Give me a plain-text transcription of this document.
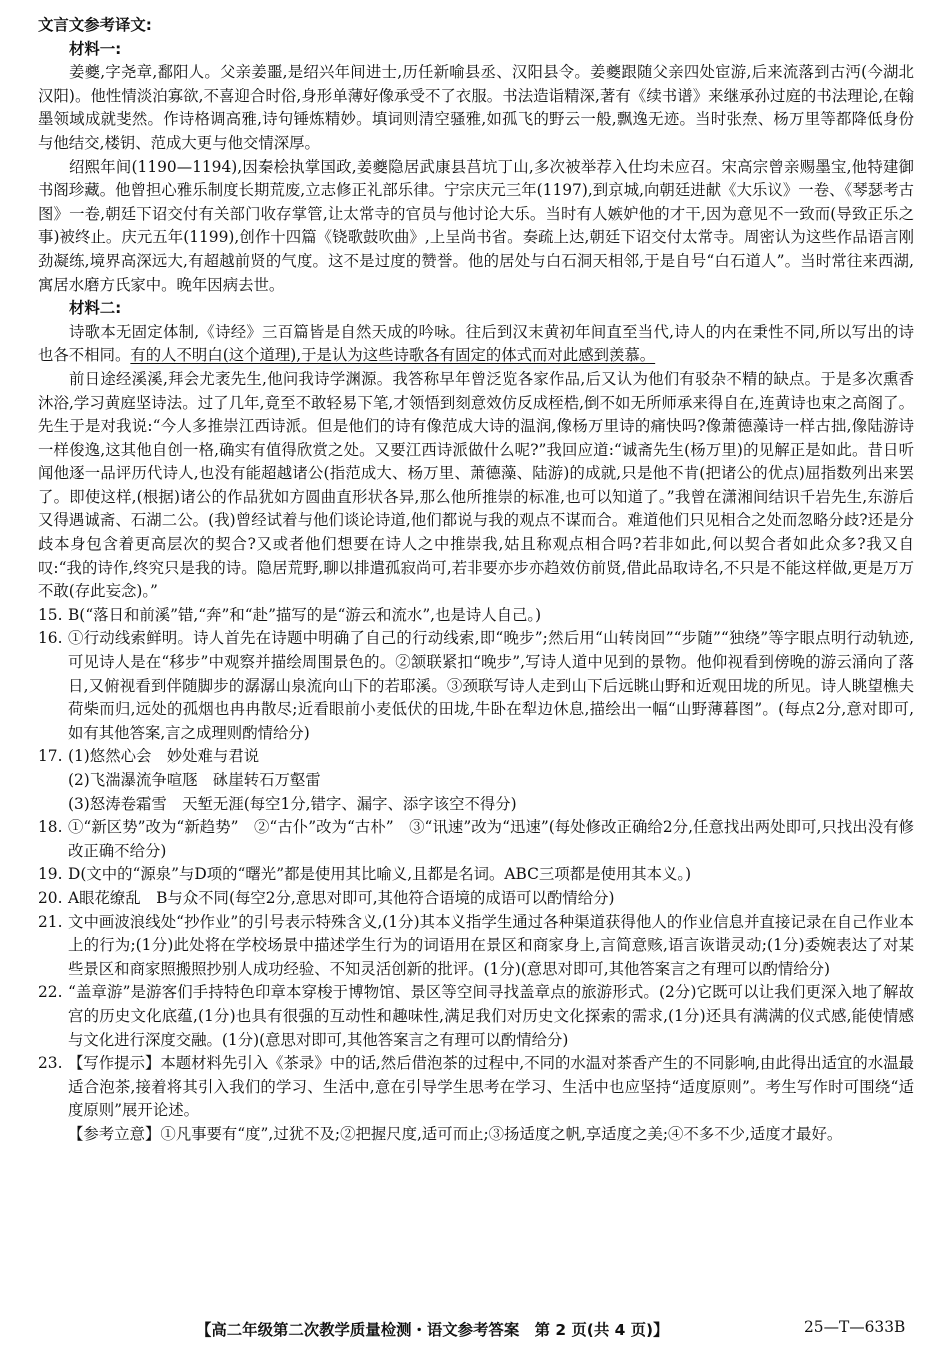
文言文参考译文:

材料一:

姜夔,字尧章,鄱阳人。父亲姜噩,是绍兴年间进士,历任新喻县丞、汉阳县令。姜夔跟随父亲四处宦游,后来流落到古沔(今湖北汉阳)。他性情淡泊寡欲,不喜迎合时俗,身形单薄好像承受不了衣服。书法造诣精深,著有《续书谱》来继承孙过庭的书法理论,在翰墨领域成就斐然。作诗格调高雅,诗句锤炼精妙。填词则清空骚雅,如孤飞的野云一般,飘逸无迹。当时张焘、杨万里等都降低身份与他结交,楼钥、范成大更与他交情深厚。

绍熙年间(1190—1194),因秦桧执掌国政,姜夔隐居武康县莒坑丁山,多次被举荐入仕均未应召。宋高宗曾亲赐墨宝,他特建御书阁珍藏。他曾担心雅乐制度长期荒废,立志修正礼部乐律。宁宗庆元三年(1197),到京城,向朝廷进献《大乐议》一卷、《琴瑟考古图》一卷,朝廷下诏交付有关部门收存掌管,让太常寺的官员与他讨论大乐。当时有人嫉妒他的才干,因为意见不一致而(导致正乐之事)被终止。庆元五年(1199),创作十四篇《铙歌鼓吹曲》,上呈尚书省。奏疏上达,朝廷下诏交付太常寺。周密认为这些作品语言刚劲凝练,境界高深远大,有超越前贤的气度。这不是过度的赞誉。他的居处与白石洞天相邻,于是自号“白石道人”。当时常往来西湖,寓居水磨方氏家中。晚年因病去世。

材料二:

诗歌本无固定体制,《诗经》三百篇皆是自然天成的吟咏。往后到汉末黄初年间直至当代,诗人的内在秉性不同,所以写出的诗也各不相同。有的人不明白(这个道理),于是认为这些诗歌各有固定的体式而对此感到羡慕。

前日途经溪溪,拜会尤袤先生,他问我诗学渊源。我答称早年曾泛览各家作品,后又认为他们有驳杂不精的缺点。于是多次熏香沐浴,学习黄庭坚诗法。过了几年,竟至不敢轻易下笔,才领悟到刻意效仿反成桎梏,倒不如无所师承来得自在,连黄诗也束之高阁了。先生于是对我说:“今人多推崇江西诗派。但是他们的诗有像范成大诗的温润,像杨万里诗的痛快吗?像萧德藻诗一样古拙,像陆游诗一样俊逸,这其他自创一格,确实有值得欣赏之处。又要江西诗派做什么呢?”我回应道:“诚斋先生(杨万里)的见解正是如此。昔日听闻他逐一品评历代诗人,也没有能超越诸公(指范成大、杨万里、萧德藻、陆游)的成就,只是他不肯(把诸公的优点)屈指数列出来罢了。即使这样,(根据)诸公的作品犹如方圆曲直形状各异,那么他所推崇的标准,也可以知道了。”我曾在潇湘间结识千岩先生,东游后又得遇诚斋、石湖二公。(我)曾经试着与他们谈论诗道,他们都说与我的观点不谋而合。难道他们只见相合之处而忽略分歧?还是分歧本身包含着更高层次的契合?又或者他们想要在诗人之中推崇我,姑且称观点相合吗?若非如此,何以契合者如此众多?我又自叹:“我的诗作,终究只是我的诗。隐居荒野,聊以排遣孤寂尚可,若非要亦步亦趋效仿前贤,借此品取诗名,不只是不能这样做,更是万万不敢(存此妄念)。”

15. B(“落日和前溪”错,“奔”和“赴”描写的是“游云和流水”,也是诗人自己。)

16. ①行动线索鲜明。诗人首先在诗题中明确了自己的行动线索,即“晚步”;然后用“山转岗回”“步随”“独绕”等字眼点明行动轨迹,可见诗人是在“移步”中观察并描绘周围景色的。②颔联紧扣“晚步”,写诗人道中见到的景物。他仰视看到傍晚的游云涌向了落日,又俯视看到伴随脚步的潺潺山泉流向山下的若耶溪。③颈联写诗人走到山下后远眺山野和近观田垅的所见。诗人眺望樵夫荷柴而归,远处的孤烟也冉冉散尽;近看眼前小麦低伏的田垅,牛卧在犁边休息,描绘出一幅“山野薄暮图”。(每点2分,意对即可,如有其他答案,言之成理则酌情给分)

17. (1)悠然心会　妙处难与君说

(2)飞湍瀑流争喧豗　砯崖转石万壑雷

(3)怒涛卷霜雪　天堑无涯(每空1分,错字、漏字、添字该空不得分)

18. ①“新区势”改为“新趋势”　②“古仆”改为“古朴”　③“讯速”改为“迅速”(每处修改正确给2分,任意找出两处即可,只找出没有修改正确不给分)

19. D(文中的“源泉”与D项的“曙光”都是使用其比喻义,且都是名词。ABC三项都是使用其本义。)

20. A眼花缭乱　B与众不同(每空2分,意思对即可,其他符合语境的成语可以酌情给分)

21. 文中画波浪线处“抄作业”的引号表示特殊含义,(1分)其本义指学生通过各种渠道获得他人的作业信息并直接记录在自己作业本上的行为;(1分)此处将在学校场景中描述学生行为的词语用在景区和商家身上,言简意赅,语言诙谐灵动;(1分)委婉表达了对某些景区和商家照搬照抄别人成功经验、不知灵活创新的批评。(1分)(意思对即可,其他答案言之有理可以酌情给分)

22. “盖章游”是游客们手持特色印章本穿梭于博物馆、景区等空间寻找盖章点的旅游形式。(2分)它既可以让我们更深入地了解故宫的历史文化底蕴,(1分)也具有很强的互动性和趣味性,满足我们对历史文化探索的需求,(1分)还具有满满的仪式感,能使情感与文化进行深度交融。(1分)(意思对即可,其他答案言之有理可以酌情给分)

23. 【写作提示】本题材料先引入《茶录》中的话,然后借泡茶的过程中,不同的水温对茶香产生的不同影响,由此得出适宜的水温最适合泡茶,接着将其引入我们的学习、生活中,意在引导学生思考在学习、生活中也应坚持“适度原则”。考生写作时可围绕“适度原则”展开论述。

【参考立意】①凡事要有“度”,过犹不及;②把握尺度,适可而止;③扬适度之帆,享适度之美;④不多不少,适度才最好。

【高二年级第二次教学质量检测・语文参考答案　第 2 页(共 4 页)】	25—T—633B
